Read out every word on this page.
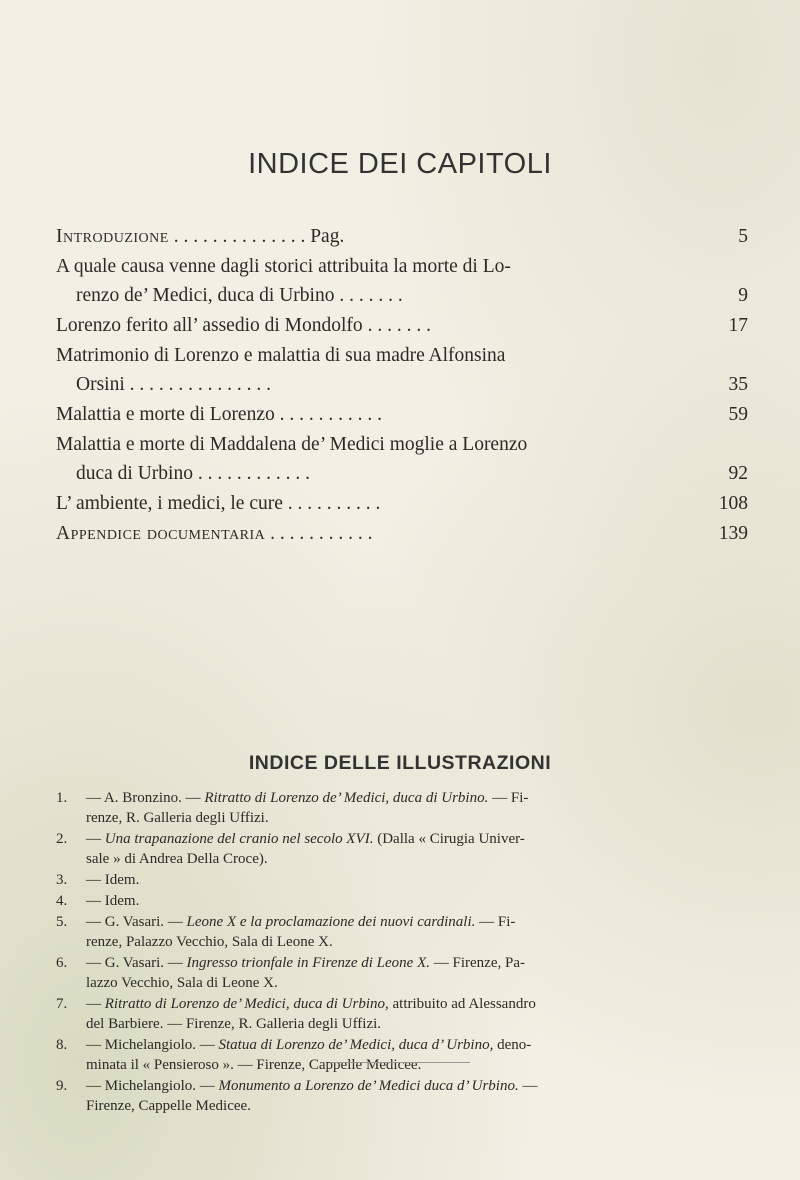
INDICE DEI CAPITOLI
Introduzione . . . . . . . . . . . . . . Pag.	5
A quale causa venne dagli storici attribuita la morte di Lo-
renzo de’ Medici, duca di Urbino . . . . . . .	9
Lorenzo ferito all’ assedio di Mondolfo . . . . . . .	17
Matrimonio di Lorenzo e malattia di sua madre Alfonsina
Orsini . . . . . . . . . . . . . . .	35
Malattia e morte di Lorenzo . . . . . . . . . . .	59
Malattia e morte di Maddalena de’ Medici moglie a Lorenzo
duca di Urbino . . . . . . . . . . . .	92
L’ ambiente, i medici, le cure . . . . . . . . . .	108
Appendice documentaria . . . . . . . . . . .	139
INDICE DELLE ILLUSTRAZIONI
1. — A. Bronzino. — Ritratto di Lorenzo de’ Medici, duca di Urbino. — Fi-
renze, R. Galleria degli Uffizi.
2. — Una trapanazione del cranio nel secolo XVI. (Dalla « Cirugia Univer-
sale » di Andrea Della Croce).
3. — Idem.
4. — Idem.
5. — G. Vasari. — Leone X e la proclamazione dei nuovi cardinali. — Fi-
renze, Palazzo Vecchio, Sala di Leone X.
6. — G. Vasari. — Ingresso trionfale in Firenze di Leone X. — Firenze, Pa-
lazzo Vecchio, Sala di Leone X.
7. — Ritratto di Lorenzo de’ Medici, duca di Urbino, attribuito ad Alessandro
del Barbiere. — Firenze, R. Galleria degli Uffizi.
8. — Michelangiolo. — Statua di Lorenzo de’ Medici, duca d’ Urbino, deno-
minata il « Pensieroso ». — Firenze, Cappelle Medicee.
9. — Michelangiolo. — Monumento a Lorenzo de’ Medici duca d’ Urbino. —
Firenze, Cappelle Medicee.
